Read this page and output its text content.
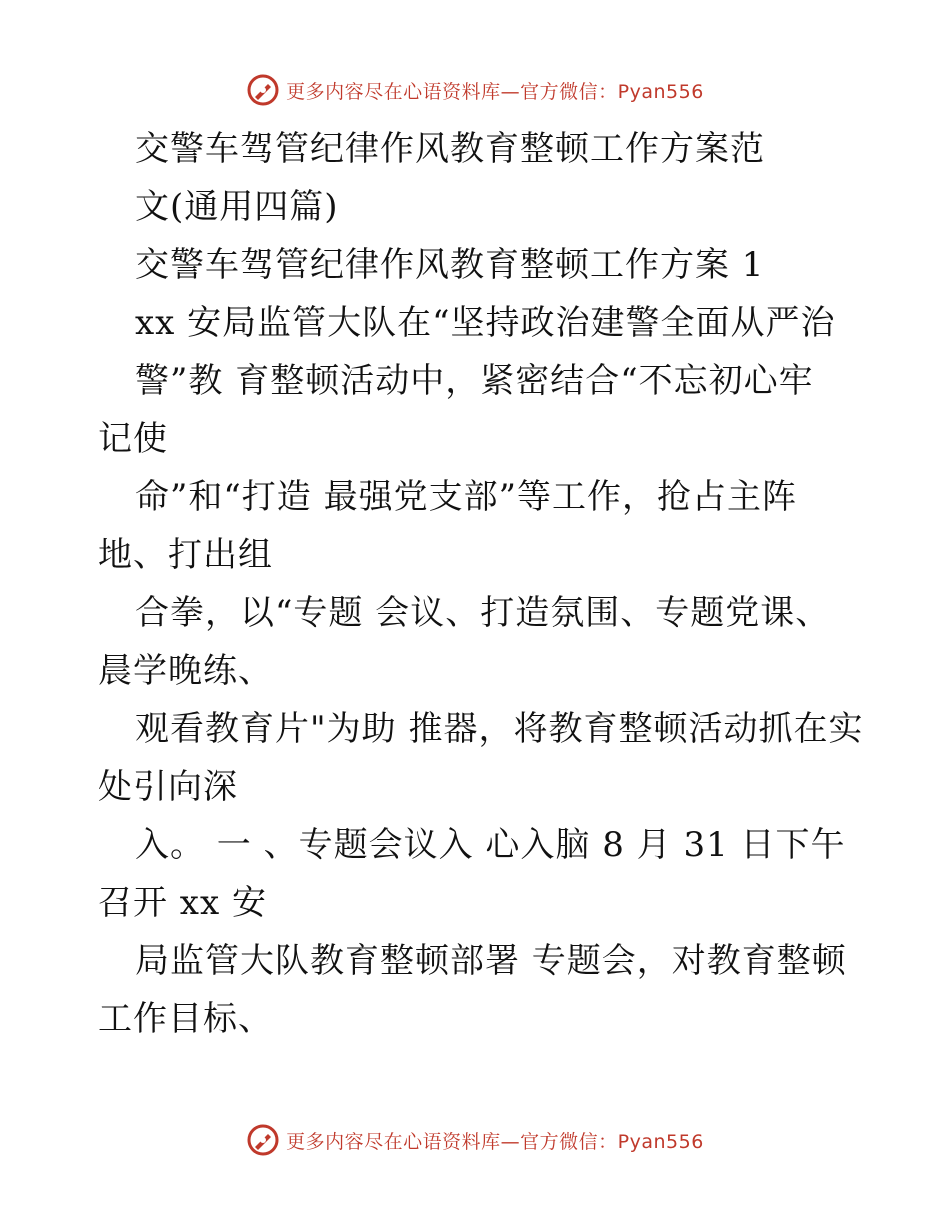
更多内容尽在心语资料库—官方微信：Pyan556
交警车驾管纪律作风教育整顿工作方案范
文(通用四篇)
交警车驾管纪律作风教育整顿工作方案 1
xx 安局监管大队在“坚持政治建警全面从严治
警”教 育整顿活动中，紧密结合“不忘初心牢
记使
命”和“打造 最强党支部”等工作，抢占主阵
地、打出组
合拳，以“专题 会议、打造氛围、专题党课、
晨学晚练、
观看教育片"为助 推器，将教育整顿活动抓在实
处引向深
入。 一 、专题会议入 心入脑 8 月 31 日下午
召开 xx 安
局监管大队教育整顿部署 专题会，对教育整顿
工作目标、
更多内容尽在心语资料库—官方微信：Pyan556
